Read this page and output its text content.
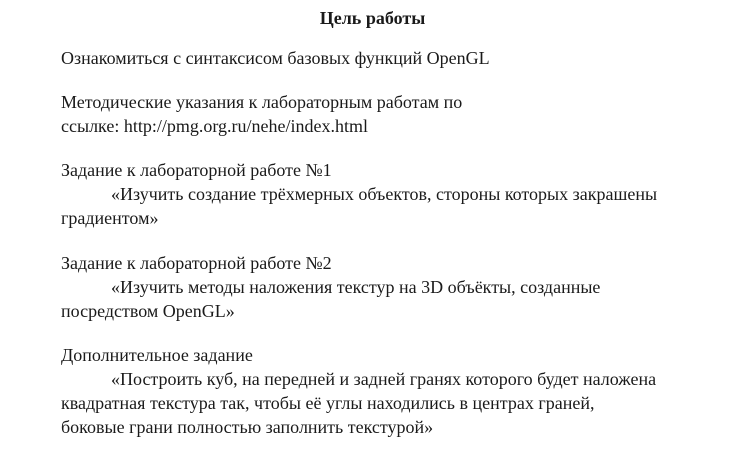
Цель работы

Ознакомиться с синтаксисом базовых функций OpenGL

Методические указания к лабораторным работам по
ссылке: http://pmg.org.ru/nehe/index.html

Задание к лабораторной работе №1
«Изучить создание трёхмерных объектов, стороны которых закрашены
градиентом»

Задание к лабораторной работе №2
«Изучить методы наложения текстур на 3D объёкты, созданные
посредством OpenGL»

Дополнительное задание
«Построить куб, на передней и задней гранях которого будет наложена
квадратная текстура так, чтобы её углы находились в центрах граней,
боковые грани полностью заполнить текстурой»
